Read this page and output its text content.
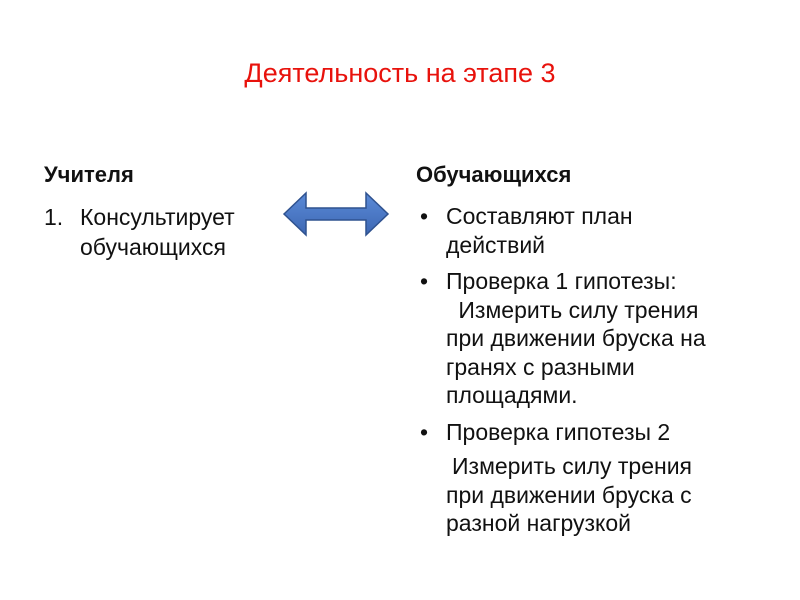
Деятельность на этапе 3
Учителя
1. Консультирует
обучающихся
Обучающихся
• Составляют план
действий
• Проверка 1 гипотезы:
Измерить силу трения
при движении бруска на
гранях с разными
площадями.
• Проверка гипотезы 2
Измерить силу трения
при движении бруска с
разной нагрузкой
